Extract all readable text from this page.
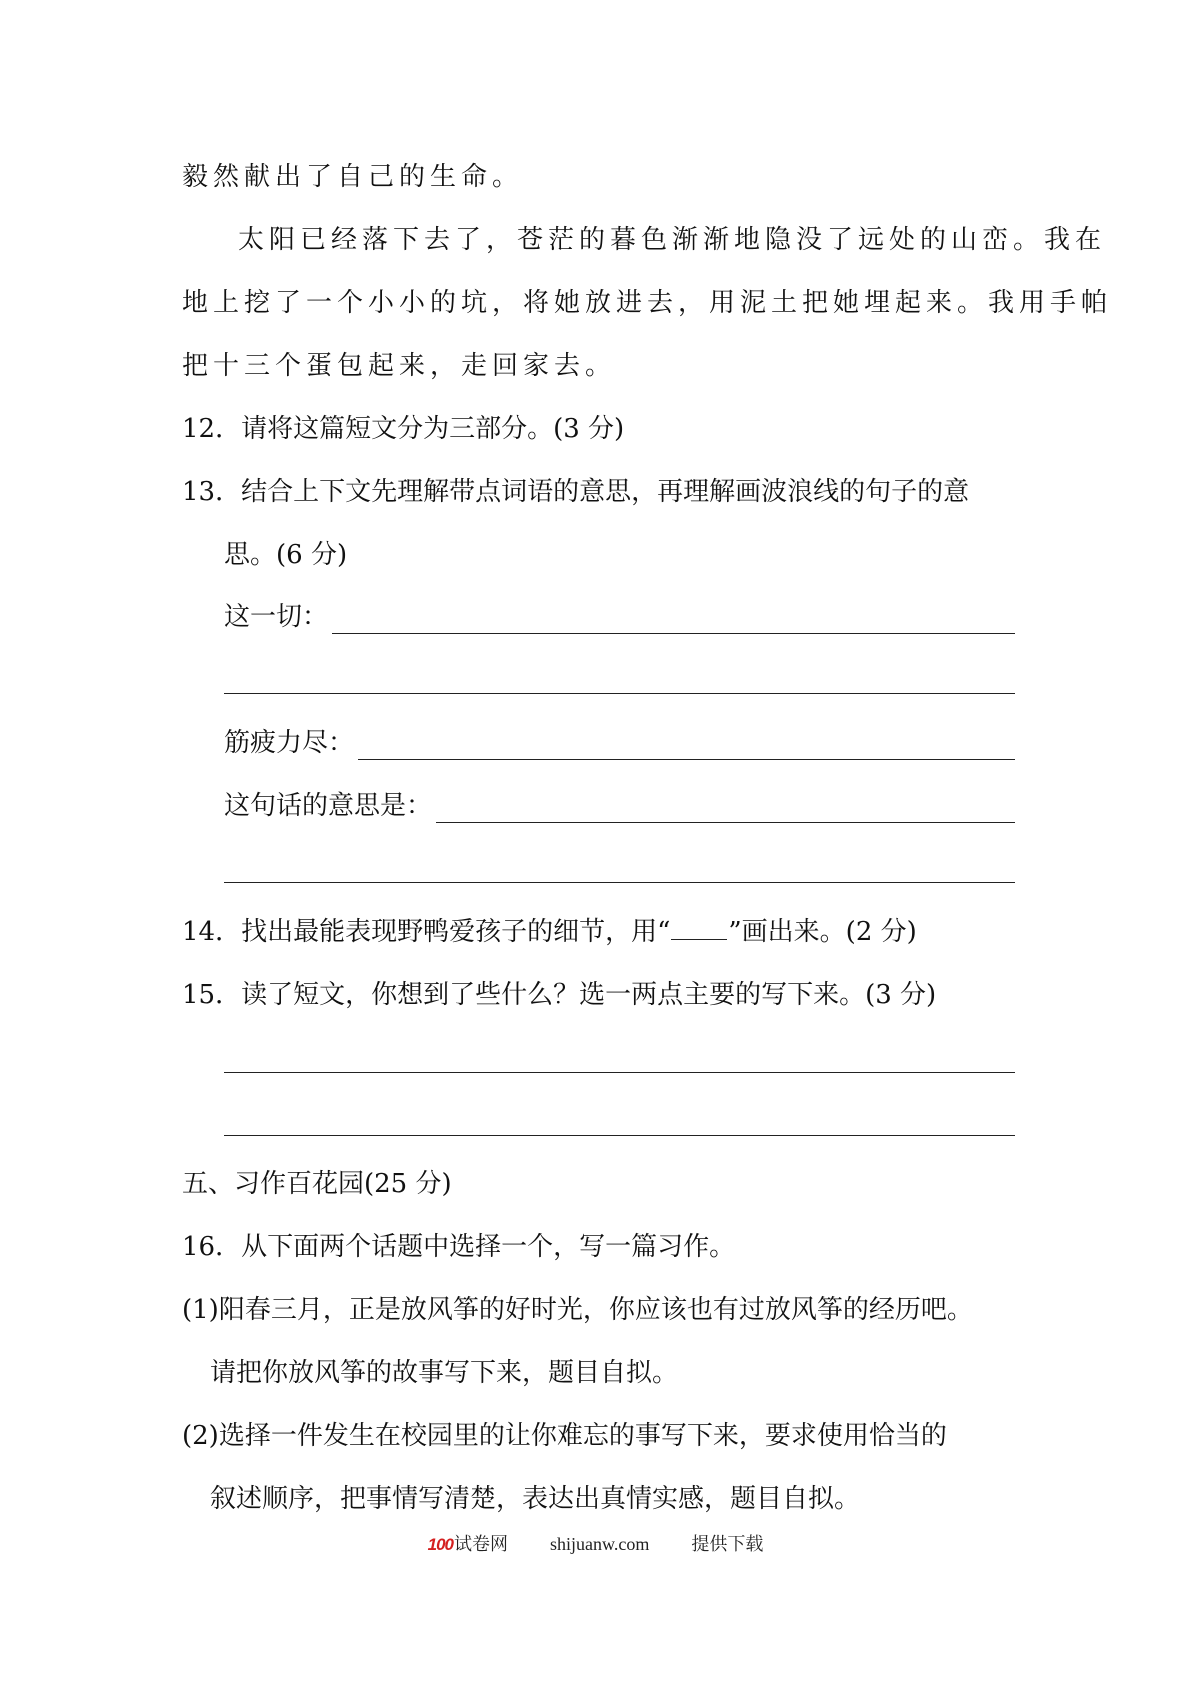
毅然献出了自己的生命。
太阳已经落下去了，苍茫的暮色渐渐地隐没了远处的山峦。我在
地上挖了一个小小的坑，将她放进去，用泥土把她埋起来。我用手帕
把十三个蛋包起来，走回家去。
12．请将这篇短文分为三部分。(3 分)
13．结合上下文先理解带点词语的意思，再理解画波浪线的句子的意
思。(6 分)
这一切：
筋疲力尽：
这句话的意思是：
14．找出最能表现野鸭爱孩子的细节，用“ ”画出来。(2 分)
15．读了短文，你想到了些什么？选一两点主要的写下来。(3 分)
五、习作百花园(25 分)
16．从下面两个话题中选择一个，写一篇习作。
(1)阳春三月，正是放风筝的好时光，你应该也有过放风筝的经历吧。
请把你放风筝的故事写下来，题目自拟。
(2)选择一件发生在校园里的让你难忘的事写下来，要求使用恰当的
叙述顺序，把事情写清楚，表达出真情实感，题目自拟。
100 试卷网 shijuanw.com 提供下载
